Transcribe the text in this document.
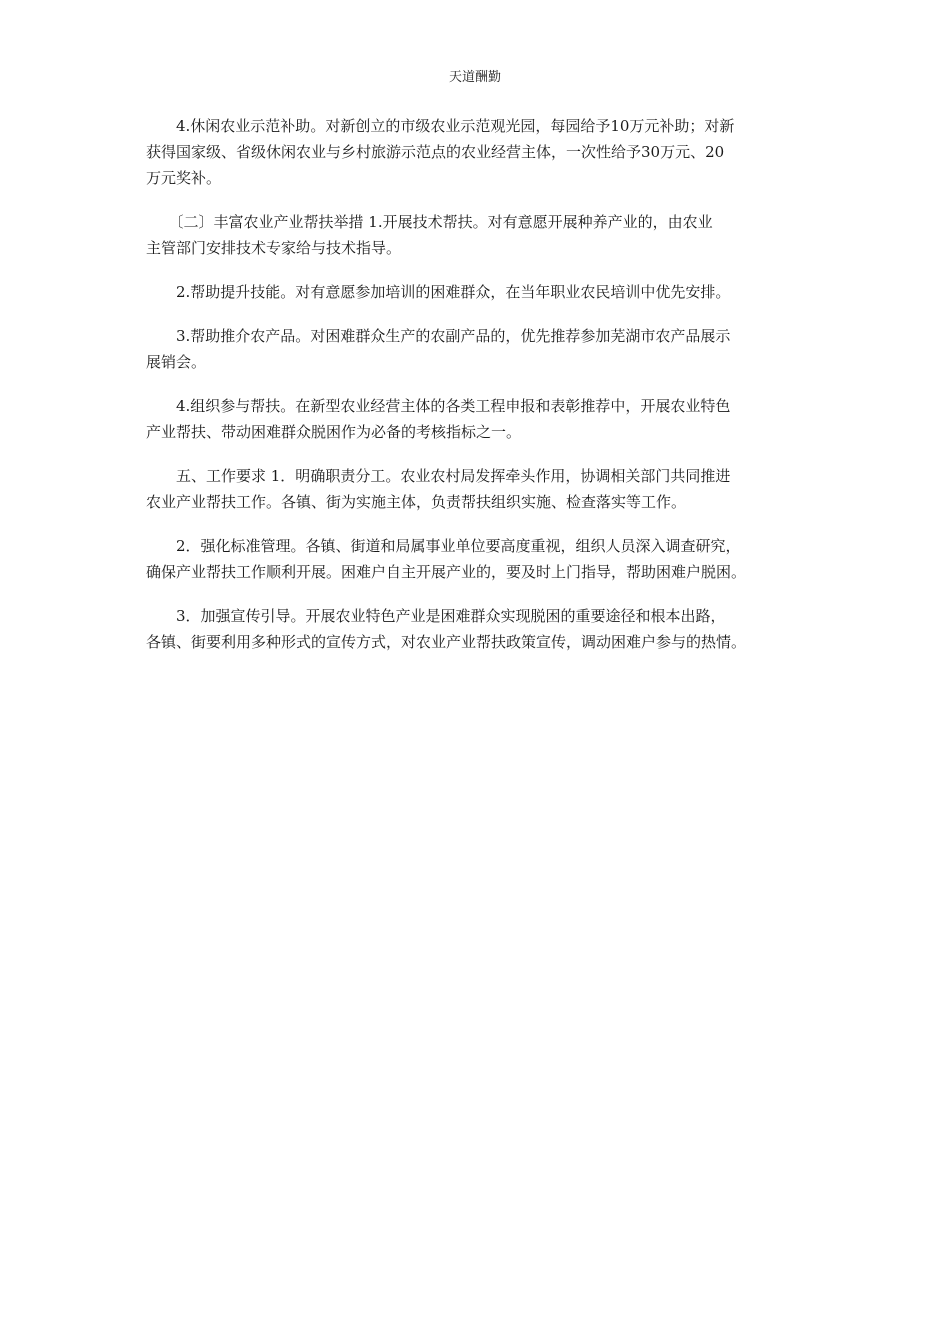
天道酬勤

　　4.休闲农业示范补助。对新创立的市级农业示范观光园，每园给予10万元补助；对新
获得国家级、省级休闲农业与乡村旅游示范点的农业经营主体，一次性给予30万元、20
万元奖补。

　　〔二〕丰富农业产业帮扶举措 1.开展技术帮扶。对有意愿开展种养产业的，由农业
主管部门安排技术专家给与技术指导。

　　2.帮助提升技能。对有意愿参加培训的困难群众，在当年职业农民培训中优先安排。

　　3.帮助推介农产品。对困难群众生产的农副产品的，优先推荐参加芜湖市农产品展示
展销会。

　　4.组织参与帮扶。在新型农业经营主体的各类工程申报和表彰推荐中，开展农业特色
产业帮扶、带动困难群众脱困作为必备的考核指标之一。

　　五、工作要求 1．明确职责分工。农业农村局发挥牵头作用，协调相关部门共同推进
农业产业帮扶工作。各镇、街为实施主体，负责帮扶组织实施、检查落实等工作。

　　2．强化标准管理。各镇、街道和局属事业单位要高度重视，组织人员深入调查研究，
确保产业帮扶工作顺利开展。困难户自主开展产业的，要及时上门指导，帮助困难户脱困。

　　3．加强宣传引导。开展农业特色产业是困难群众实现脱困的重要途径和根本出路，
各镇、街要利用多种形式的宣传方式，对农业产业帮扶政策宣传，调动困难户参与的热情。
